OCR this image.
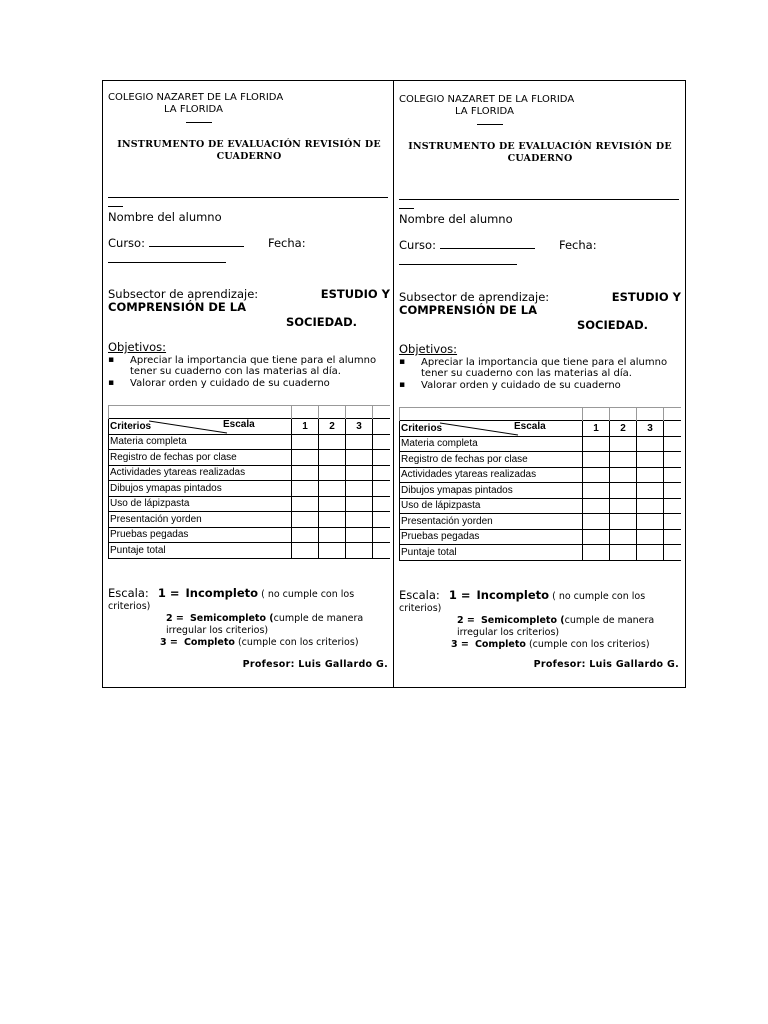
COLEGIO NAZARET DE LA FLORIDA
LA FLORIDA
INSTRUMENTO DE EVALUACIÓN REVISIÓN DE
CUADERNO
Nombre del alumno
Curso:	Fecha:
Subsector de aprendizaje:	ESTUDIO Y
COMPRENSIÓN DE LA
SOCIEDAD.
Objetivos:
▪ Apreciar la importancia que tiene para el alumno tener su cuaderno con las materias al día.
▪ Valorar orden y cuidado de su cuaderno

Criterios Escala	1	2	3	
Materia completa				
Registro de fechas por clase				
Actividades ytareas realizadas				
Dibujos ymapas pintados				
Uso de lápizpasta				
Presentación yorden				
Pruebas pegadas				
Puntaje total				
Escala: 1 = Incompleto ( no cumple con los criterios)
2 = Semicompleto (cumple de manera irregular los criterios)
3 = Completo (cumple con los criterios)
Profesor: Luis Gallardo G.
COLEGIO NAZARET DE LA FLORIDA
LA FLORIDA
INSTRUMENTO DE EVALUACIÓN REVISIÓN DE
CUADERNO
Nombre del alumno
Curso:	Fecha:
Subsector de aprendizaje:	ESTUDIO Y
COMPRENSIÓN DE LA
SOCIEDAD.
Objetivos:
▪ Apreciar la importancia que tiene para el alumno tener su cuaderno con las materias al día.
▪ Valorar orden y cuidado de su cuaderno

Criterios Escala	1	2	3	
Materia completa				
Registro de fechas por clase				
Actividades ytareas realizadas				
Dibujos ymapas pintados				
Uso de lápizpasta				
Presentación yorden				
Pruebas pegadas				
Puntaje total				
Escala: 1 = Incompleto ( no cumple con los criterios)
2 = Semicompleto (cumple de manera irregular los criterios)
3 = Completo (cumple con los criterios)
Profesor: Luis Gallardo G.
